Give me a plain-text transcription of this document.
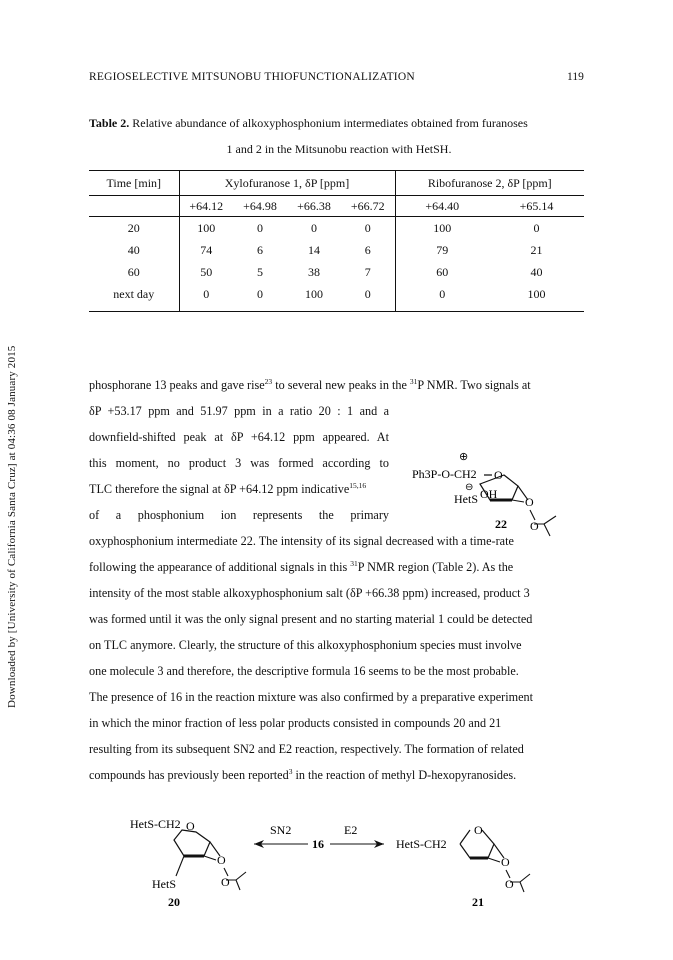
REGIOSELECTIVE MITSUNOBU THIOFUNCTIONALIZATION	119
Downloaded by [University of California Santa Cruz] at 04:36 08 January 2015
Table 2. Relative abundance of alkoxyphosphonium intermediates obtained from furanoses
1 and 2 in the Mitsunobu reaction with HetSH.
Time [min]	Xylofuranose 1, δP [ppm]				Ribofuranose 2, δP [ppm]	
	+64.12	+64.98	+66.38	+66.72	+64.40	+65.14
20	100	0	0	0	100	0
40	74	6	14	6	79	21
60	50	5	38	7	60	40
next day	0	0	100	0	0	100

phosphorane 13 peaks and gave rise$^{23}$ to several new peaks in the $^{31}$P NMR. Two signals at

δP +53.17 ppm and 51.97 ppm in a ratio 20 : 1 and a

downfield-shifted peak at δP +64.12 ppm appeared. At

this moment, no product 3 was formed according to

TLC therefore the signal at δP +64.12 ppm indicative$^{15,16}$

of a phosphonium ion represents the primary

⊕
Ph3P-O-CH2 O
⊖
HetS OH
O
O
22

oxyphosphonium intermediate 22. The intensity of its signal decreased with a time-rate

following the appearance of additional signals in this $^{31}$P NMR region (Table 2). As the

intensity of the most stable alkoxyphosphonium salt (δP +66.38 ppm) increased, product 3

was formed until it was the only signal present and no starting material 1 could be detected

on TLC anymore. Clearly, the structure of this alkoxyphosphonium species must involve

one molecule 3 and therefore, the descriptive formula 16 seems to be the most probable.

The presence of 16 in the reaction mixture was also confirmed by a preparative experiment

in which the minor fraction of less polar products consisted in compounds 20 and 21

resulting from its subsequent SN2 and E2 reaction, respectively. The formation of related

compounds has previously been reported$^3$ in the reaction of methyl D-hexopyranosides.

HetS-CH2 O
O
O
HetS
20
SN2
16
E2
HetS-CH2
O
O
O
21
